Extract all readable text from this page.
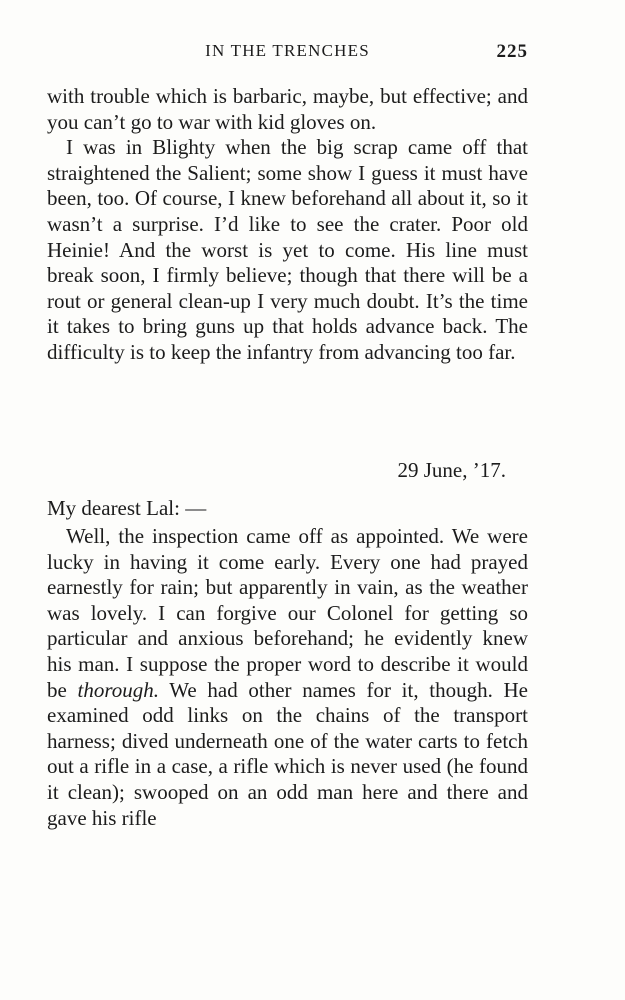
IN THE TRENCHES	225

with trouble which is barbaric, maybe, but effective; and you can’t go to war with kid gloves on.

I was in Blighty when the big scrap came off that straightened the Salient; some show I guess it must have been, too. Of course, I knew beforehand all about it, so it wasn’t a surprise. I’d like to see the crater. Poor old Heinie! And the worst is yet to come. His line must break soon, I firmly believe; though that there will be a rout or general clean-up I very much doubt. It’s the time it takes to bring guns up that holds advance back. The difficulty is to keep the infantry from advancing too far.

29 June, ’17.
My dearest Lal: —

Well, the inspection came off as appointed. We were lucky in having it come early. Every one had prayed earnestly for rain; but apparently in vain, as the weather was lovely. I can forgive our Colonel for getting so particular and anxious beforehand; he evidently knew his man. I suppose the proper word to describe it would be thorough. We had other names for it, though. He examined odd links on the chains of the transport harness; dived underneath one of the water carts to fetch out a rifle in a case, a rifle which is never used (he found it clean); swooped on an odd man here and there and gave his rifle
